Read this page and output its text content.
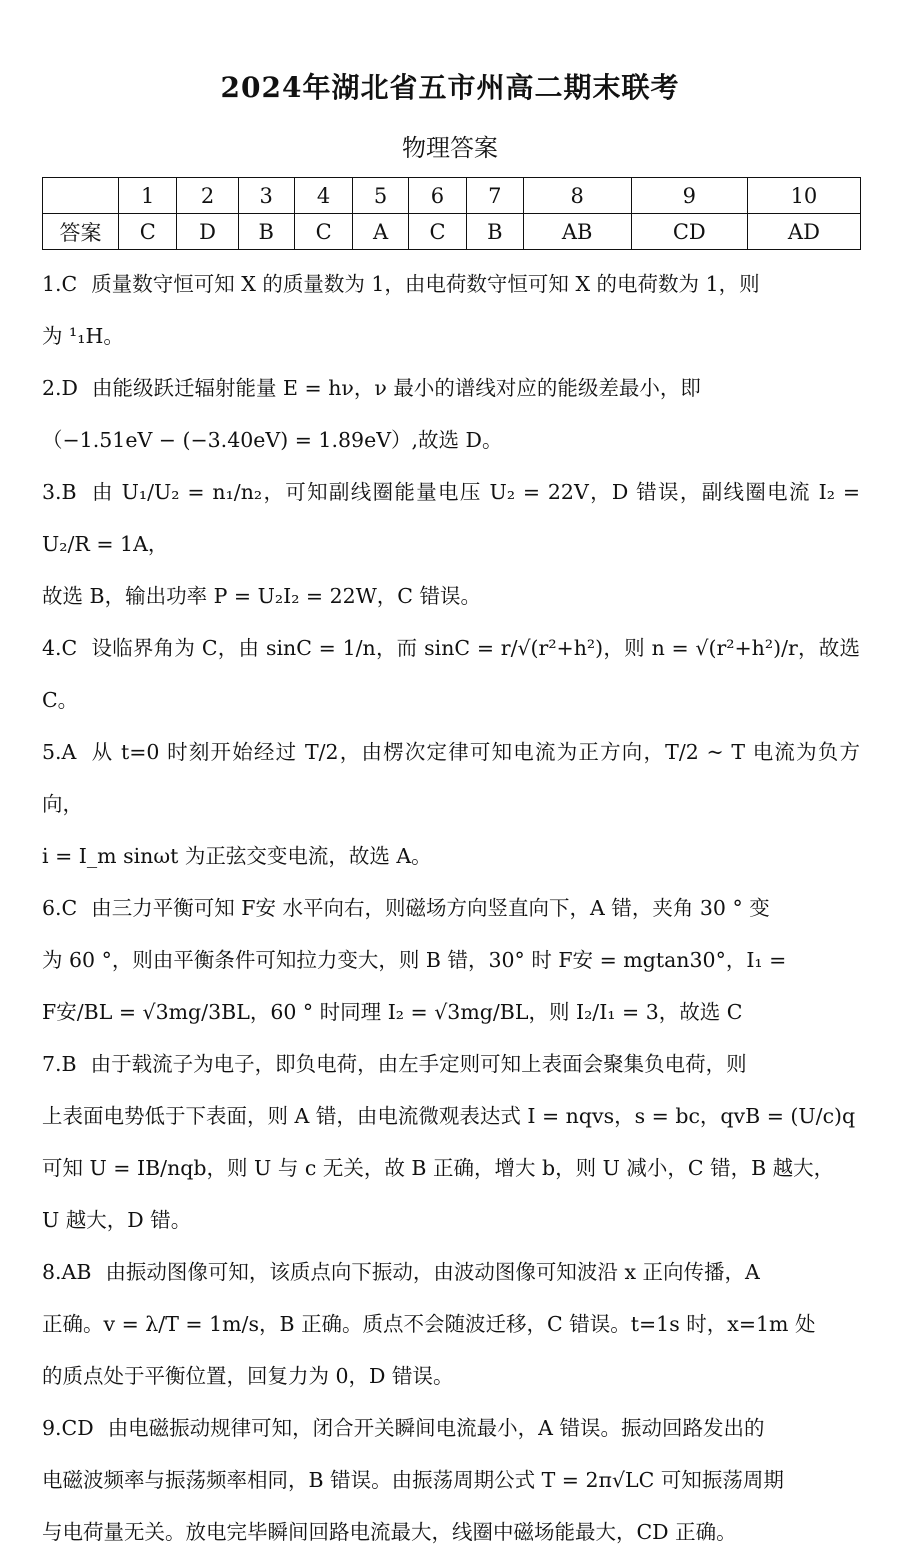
2024年湖北省五市州高二期末联考
物理答案
	1	2	3	4	5	6	7	8	9	10
答案	C	D	B	C	A	C	B	AB	CD	AD

1.C 质量数守恒可知 X 的质量数为 1，由电荷数守恒可知 X 的电荷数为 1，则

为 ¹₁H。

2.D 由能级跃迁辐射能量 E = hν，ν 最小的谱线对应的能级差最小，即

（−1.51eV − (−3.40eV) = 1.89eV）,故选 D。

3.B 由 U₁/U₂ = n₁/n₂，可知副线圈能量电压 U₂ = 22V，D 错误，副线圈电流 I₂ = U₂/R = 1A，

故选 B，输出功率 P = U₂I₂ = 22W，C 错误。

4.C 设临界角为 C，由 sinC = 1/n，而 sinC = r/√(r²+h²)，则 n = √(r²+h²)/r，故选 C。

5.A 从 t=0 时刻开始经过 T/2，由楞次定律可知电流为正方向，T/2 ~ T 电流为负方向，

i = I_m sinωt 为正弦交变电流，故选 A。

6.C 由三力平衡可知 F安 水平向右，则磁场方向竖直向下，A 错，夹角 30 ° 变

为 60 °，则由平衡条件可知拉力变大，则 B 错，30° 时 F安 = mgtan30°，I₁ =

F安/BL = √3mg/3BL，60 ° 时同理 I₂ = √3mg/BL，则 I₂/I₁ = 3，故选 C

7.B 由于载流子为电子，即负电荷，由左手定则可知上表面会聚集负电荷，则

上表面电势低于下表面，则 A 错，由电流微观表达式 I = nqvs，s = bc，qvB = (U/c)q

可知 U = IB/nqb，则 U 与 c 无关，故 B 正确，增大 b，则 U 减小，C 错，B 越大，

U 越大，D 错。

8.AB 由振动图像可知，该质点向下振动，由波动图像可知波沿 x 正向传播，A

正确。v = λ/T = 1m/s，B 正确。质点不会随波迁移，C 错误。t=1s 时，x=1m 处

的质点处于平衡位置，回复力为 0，D 错误。

9.CD 由电磁振动规律可知，闭合开关瞬间电流最小，A 错误。振动回路发出的

电磁波频率与振荡频率相同，B 错误。由振荡周期公式 T = 2π√LC 可知振荡周期

与电荷量无关。放电完毕瞬间回路电流最大，线圈中磁场能最大，CD 正确。
